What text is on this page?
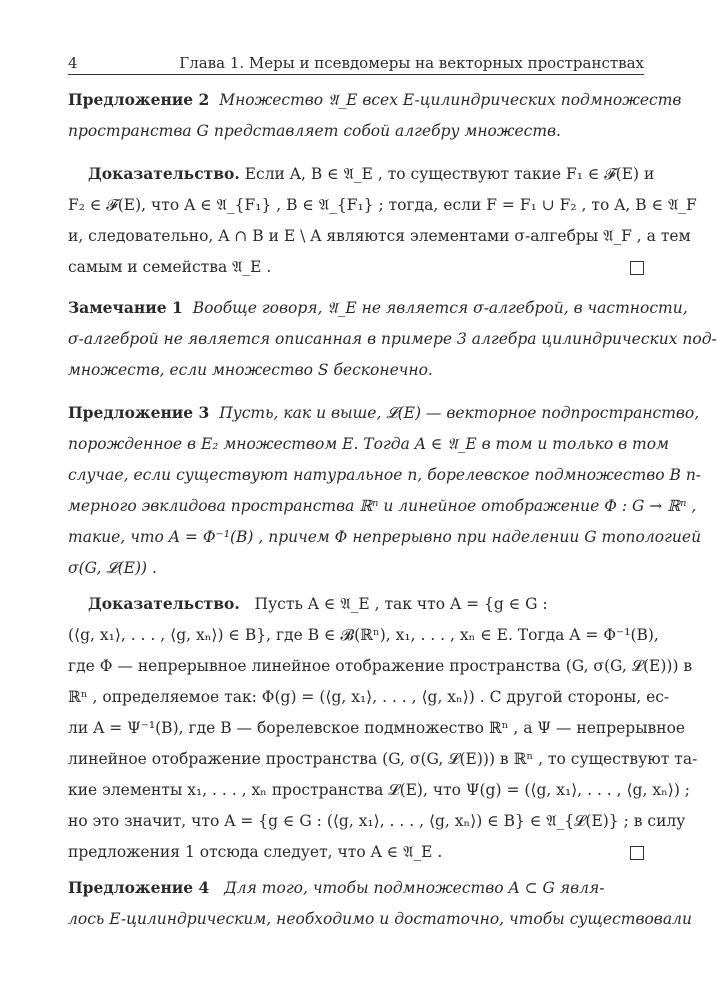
4	Глава 1. Меры и псевдомеры на векторных пространствах
Предложение 2 Множество 𝔄_E всех E-цилиндрических подмножеств
пространства G представляет собой алгебру множеств.
Доказательство. Если A, B ∈ 𝔄_E , то существуют такие F₁ ∈ 𝓕(E) и
F₂ ∈ 𝓕(E), что A ∈ 𝔄_{F₁} , B ∈ 𝔄_{F₁} ; тогда, если F = F₁ ∪ F₂ , то A, B ∈ 𝔄_F
и, следовательно, A ∩ B и E \ A являются элементами σ-алгебры 𝔄_F , а тем
самым и семейства 𝔄_E .
Замечание 1 Вообще говоря, 𝔄_E не является σ-алгеброй, в частности,
σ-алгеброй не является описанная в примере 3 алгебра цилиндрических под-
множеств, если множество S бесконечно.
Предложение 3 Пусть, как и выше, 𝓛(E) — векторное подпространство,
порожденное в E₂ множеством E. Тогда A ∈ 𝔄_E в том и только в том
случае, если существуют натуральное n, борелевское подмножество B n-
мерного эвклидова пространства ℝⁿ и линейное отображение Φ : G → ℝⁿ ,
такие, что A = Φ⁻¹(B) , причем Φ непрерывно при наделении G топологией
σ(G, 𝓛(E)) .
Доказательство. Пусть A ∈ 𝔄_E , так что A = {g ∈ G :
(⟨g, x₁⟩, . . . , ⟨g, xₙ⟩) ∈ B}, где B ∈ 𝓑(ℝⁿ), x₁, . . . , xₙ ∈ E. Тогда A = Φ⁻¹(B),
где Φ — непрерывное линейное отображение пространства (G, σ(G, 𝓛(E))) в
ℝⁿ , определяемое так: Φ(g) = (⟨g, x₁⟩, . . . , ⟨g, xₙ⟩) . С другой стороны, ес-
ли A = Ψ⁻¹(B), где B — борелевское подмножество ℝⁿ , а Ψ — непрерывное
линейное отображение пространства (G, σ(G, 𝓛(E))) в ℝⁿ , то существуют та-
кие элементы x₁, . . . , xₙ пространства 𝓛(E), что Ψ(g) = (⟨g, x₁⟩, . . . , ⟨g, xₙ⟩) ;
но это значит, что A = {g ∈ G : (⟨g, x₁⟩, . . . , ⟨g, xₙ⟩) ∈ B} ∈ 𝔄_{𝓛(E)} ; в силу
предложения 1 отсюда следует, что A ∈ 𝔄_E .
Предложение 4 Для того, чтобы подмножество A ⊂ G явля-
лось E-цилиндрическим, необходимо и достаточно, чтобы существовали
